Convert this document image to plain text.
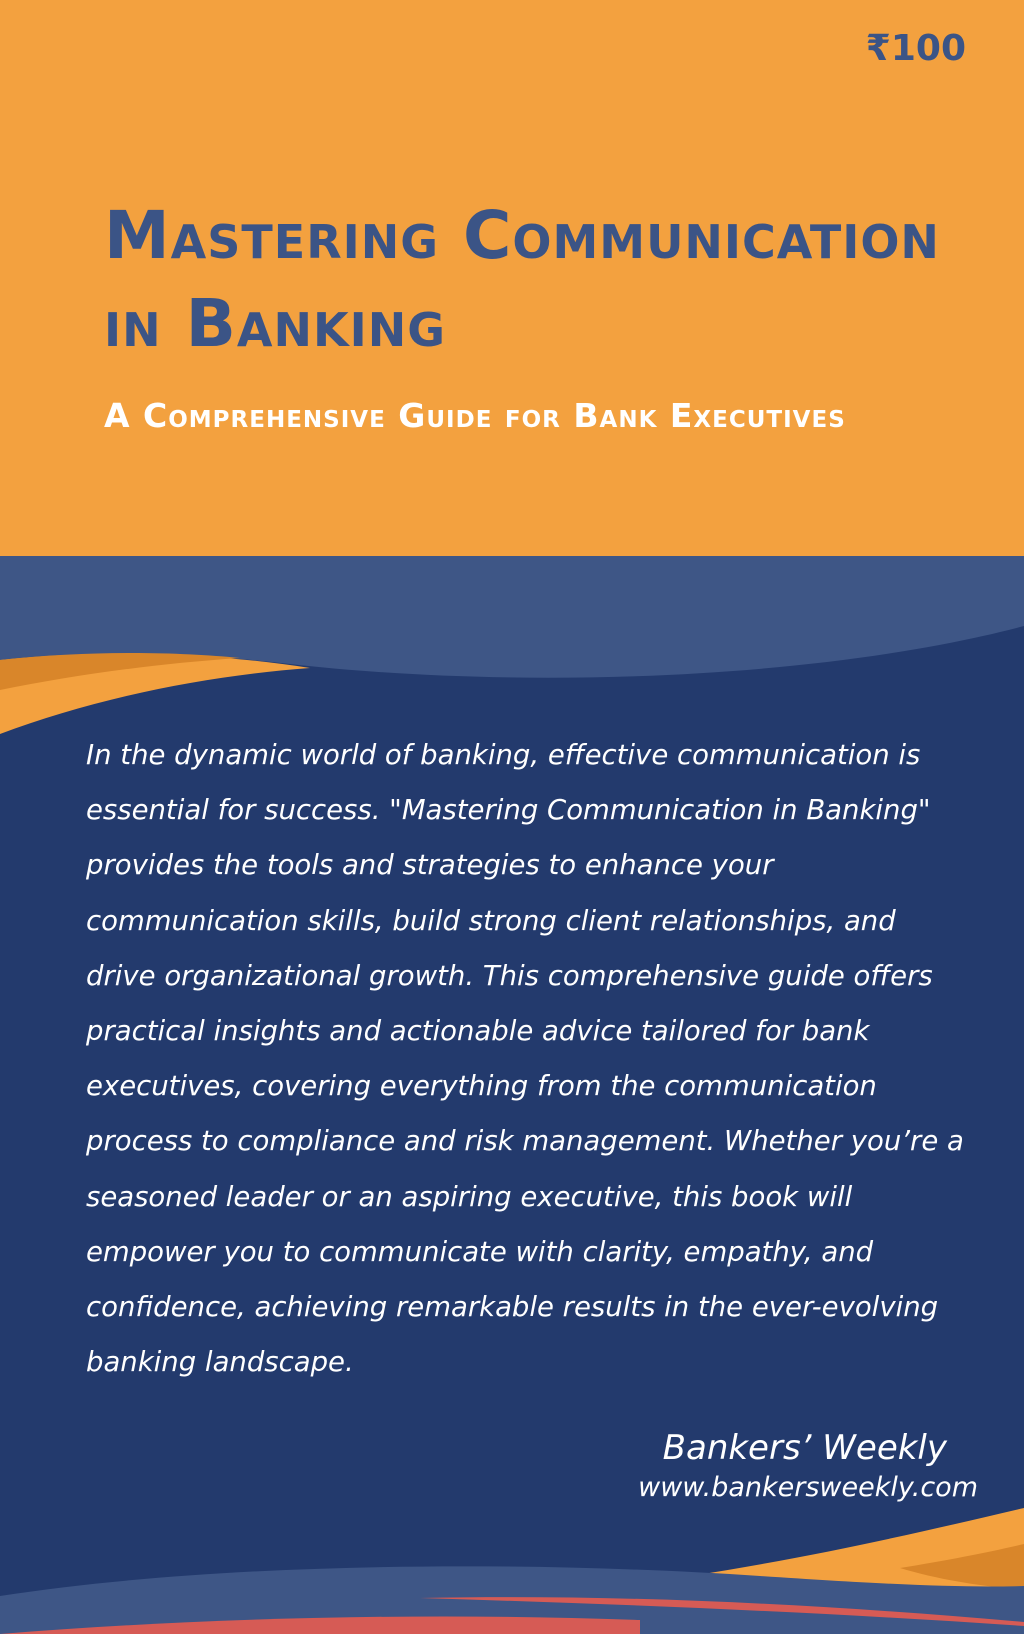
₹100
Mastering Communication in Banking
A Comprehensive Guide for Bank Executives

In the dynamic world of banking, effective communication is essential for success. "Mastering Communication in Banking" provides the tools and strategies to enhance your communication skills, build strong client relationships, and drive organizational growth. This comprehensive guide offers practical insights and actionable advice tailored for bank executives, covering everything from the communication process to compliance and risk management. Whether you’re a seasoned leader or an aspiring executive, this book will empower you to communicate with clarity, empathy, and confidence, achieving remarkable results in the ever-evolving banking landscape.

Bankers’ Weekly
www.bankersweekly.com
